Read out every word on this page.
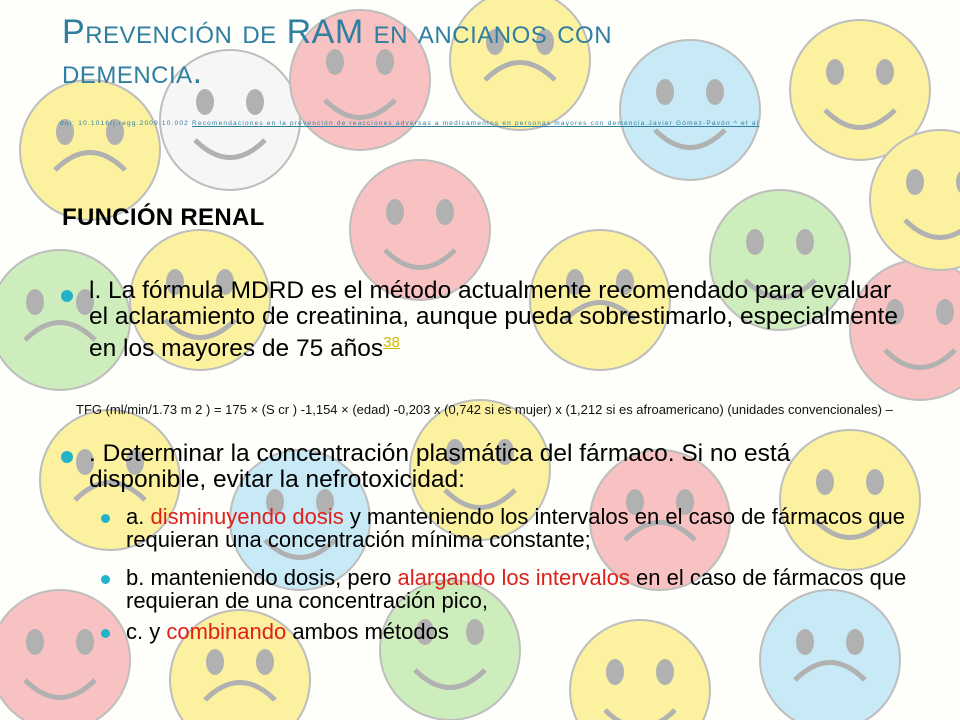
Prevención de RAM en ancianos con
demencia.
doi: 10.1016/j.regg.2009.10.002 Recomendaciones en la prevención de reacciones adversas a medicamentos en personas mayores con demencia.Javier Gómez-Pavón ^ et al
FUNCIÓN RENAL
l. La fórmula MDRD es el método actualmente recomendado para evaluar el aclaramiento de creatinina, aunque pueda sobrestimarlo, especialmente en los mayores de 75 años$^{38}$
TFG (ml/min/1.73 m 2 ) = 175 × (S cr ) -1,154 × (edad) -0,203 x (0,742 si es mujer) x (1,212 si es afroamericano) (unidades convencionales) –
. Determinar la concentración plasmática del fármaco. Si no está disponible, evitar la nefrotoxicidad:
a. disminuyendo dosis y manteniendo los intervalos en el caso de fármacos que requieran una concentración mínima constante;
b. manteniendo dosis, pero alargando los intervalos en el caso de fármacos que requieran de una concentración pico,
c. y combinando ambos métodos
